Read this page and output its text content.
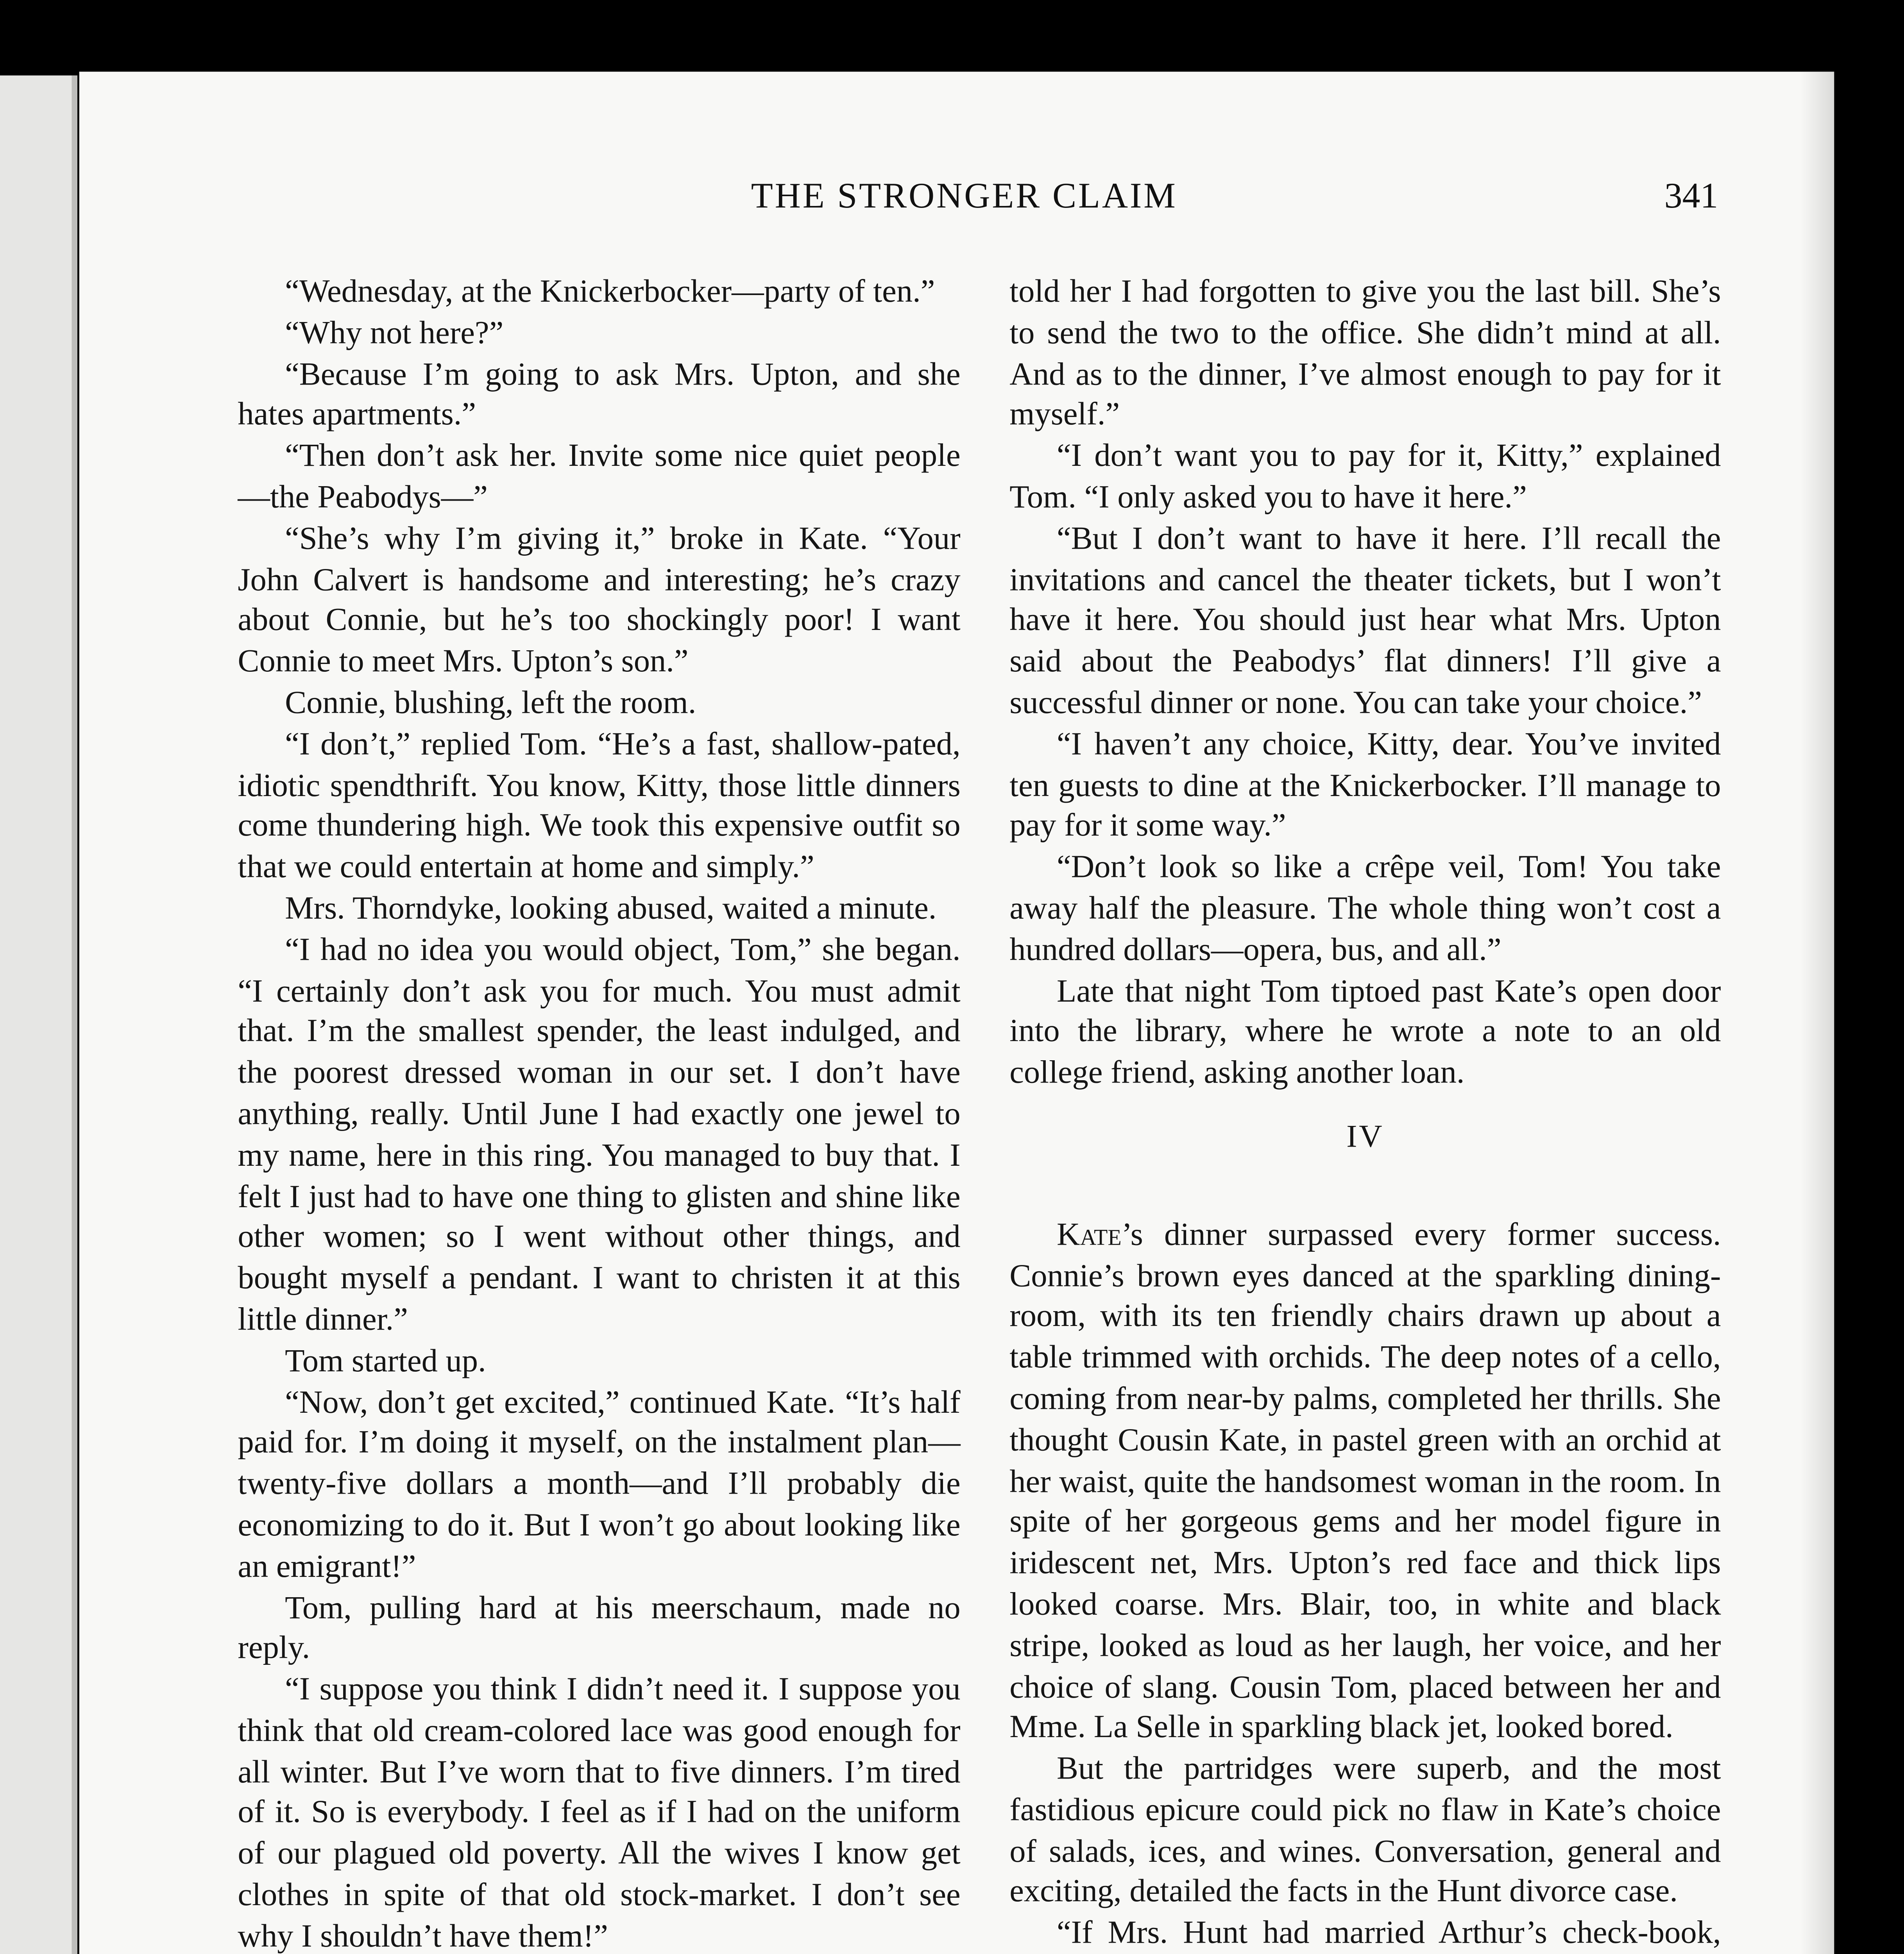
THE STRONGER CLAIM	341

“Wednesday, at the Knickerbocker—party of ten.”

“Why not here?”

“Because I’m going to ask Mrs. Upton, and she hates apartments.”

“Then don’t ask her. Invite some nice quiet people—the Peabodys—”

“She’s why I’m giving it,” broke in Kate. “Your John Calvert is handsome and interesting; he’s crazy about Connie, but he’s too shockingly poor! I want Connie to meet Mrs. Upton’s son.”

Connie, blushing, left the room.

“I don’t,” replied Tom. “He’s a fast, shallow-pated, idiotic spendthrift. You know, Kitty, those little dinners come thundering high. We took this expensive outfit so that we could entertain at home and simply.”

Mrs. Thorndyke, looking abused, waited a minute.

“I had no idea you would object, Tom,” she began. “I certainly don’t ask you for much. You must admit that. I’m the smallest spender, the least indulged, and the poorest dressed woman in our set. I don’t have anything, really. Until June I had exactly one jewel to my name, here in this ring. You managed to buy that. I felt I just had to have one thing to glisten and shine like other women; so I went without other things, and bought myself a pendant. I want to christen it at this little dinner.”

Tom started up.

“Now, don’t get excited,” continued Kate. “It’s half paid for. I’m doing it myself, on the instalment plan—twenty-five dollars a month—and I’ll probably die economizing to do it. But I won’t go about looking like an emigrant!”

Tom, pulling hard at his meerschaum, made no reply.

“I suppose you think I didn’t need it. I suppose you think that old cream-colored lace was good enough for all winter. But I’ve worn that to five dinners. I’m tired of it. So is everybody. I feel as if I had on the uniform of our plagued old poverty. All the wives I know get clothes in spite of that old stock-market. I don’t see why I shouldn’t have them!”

told her I had forgotten to give you the last bill. She’s to send the two to the office. She didn’t mind at all. And as to the dinner, I’ve almost enough to pay for it myself.”

“I don’t want you to pay for it, Kitty,” explained Tom. “I only asked you to have it here.”

“But I don’t want to have it here. I’ll recall the invitations and cancel the theater tickets, but I won’t have it here. You should just hear what Mrs. Upton said about the Peabodys’ flat dinners! I’ll give a successful dinner or none. You can take your choice.”

“I haven’t any choice, Kitty, dear. You’ve invited ten guests to dine at the Knickerbocker. I’ll manage to pay for it some way.”

“Don’t look so like a crêpe veil, Tom! You take away half the pleasure. The whole thing won’t cost a hundred dollars—opera, bus, and all.”

Late that night Tom tiptoed past Kate’s open door into the library, where he wrote a note to an old college friend, asking another loan.

IV

Kate’s dinner surpassed every former success. Connie’s brown eyes danced at the sparkling dining-room, with its ten friendly chairs drawn up about a table trimmed with orchids. The deep notes of a cello, coming from near-by palms, completed her thrills. She thought Cousin Kate, in pastel green with an orchid at her waist, quite the handsomest woman in the room. In spite of her gorgeous gems and her model figure in iridescent net, Mrs. Upton’s red face and thick lips looked coarse. Mrs. Blair, too, in white and black stripe, looked as loud as her laugh, her voice, and her choice of slang. Cousin Tom, placed between her and Mme. La Selle in sparkling black jet, looked bored.

But the partridges were superb, and the most fastidious epicure could pick no flaw in Kate’s choice of salads, ices, and wines. Conversation, general and exciting, detailed the facts in the Hunt divorce case.

“If Mrs. Hunt had married Arthur’s check-book,
